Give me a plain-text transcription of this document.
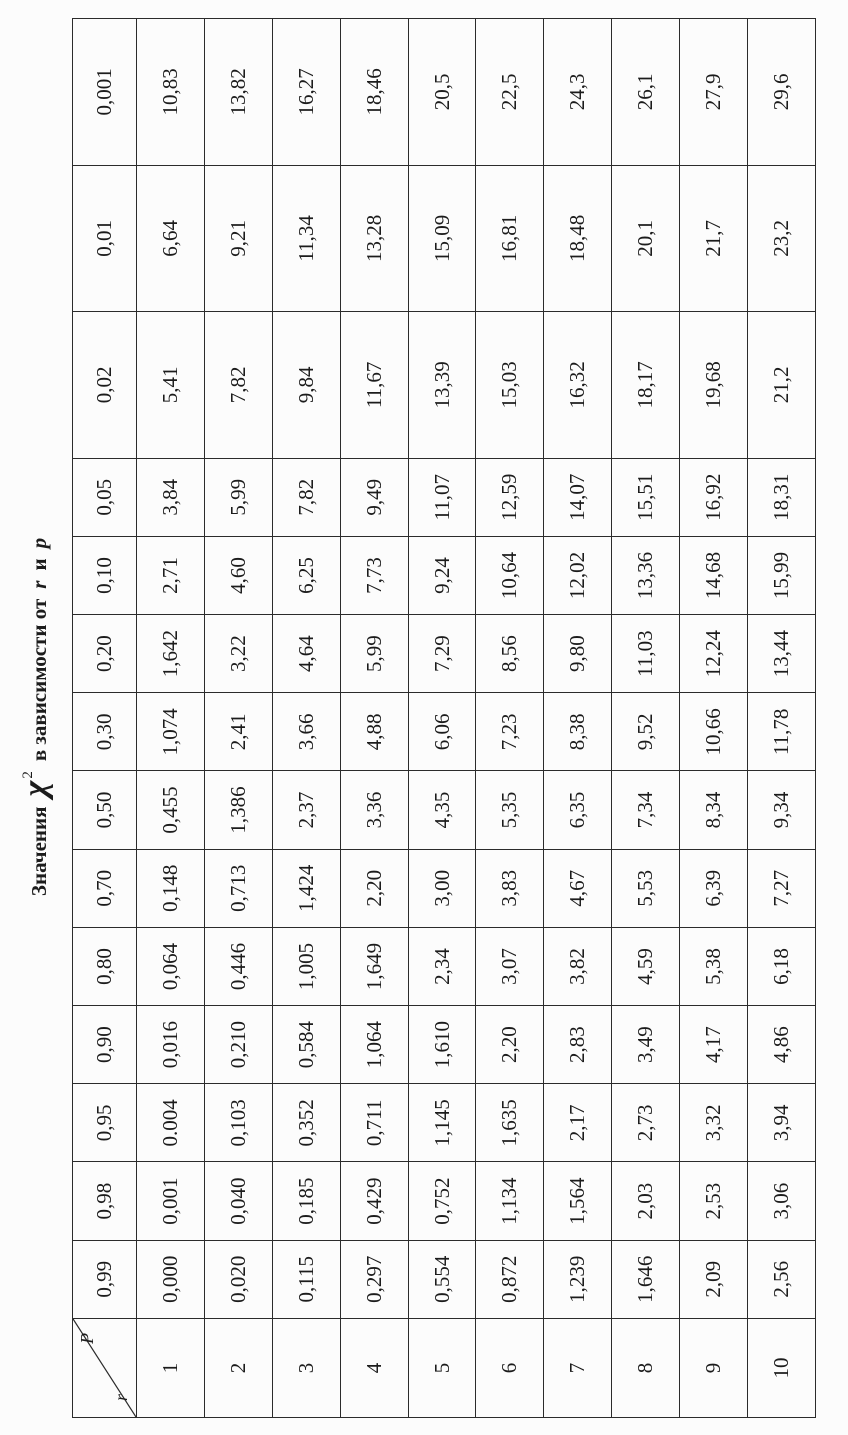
Значения
χ
2
в зависимости от
r
и
p
P
r	0,99	0,98	0,95	0,90	0,80	0,70	0,50	0,30	0,20	0,10	0,05	0,02	0,01	0,001
1	0,000	0,001	0.004	0,016	0,064	0,148	0,455	1,074	1,642	2,71	3,84	5,41	6,64	10,83
2	0,020	0,040	0,103	0,210	0,446	0,713	1,386	2,41	3,22	4,60	5,99	7,82	9,21	13,82
3	0,115	0,185	0,352	0,584	1,005	1,424	2,37	3,66	4,64	6,25	7,82	9,84	11,34	16,27
4	0,297	0,429	0,711	1,064	1,649	2,20	3,36	4,88	5,99	7,73	9,49	11,67	13,28	18,46
5	0,554	0,752	1,145	1,610	2,34	3,00	4,35	6,06	7,29	9,24	11,07	13,39	15,09	20,5
6	0,872	1,134	1,635	2,20	3,07	3,83	5,35	7,23	8,56	10,64	12,59	15,03	16,81	22,5
7	1,239	1,564	2,17	2,83	3,82	4,67	6,35	8,38	9,80	12,02	14,07	16,32	18,48	24,3
8	1,646	2,03	2,73	3,49	4,59	5,53	7,34	9,52	11,03	13,36	15,51	18,17	20,1	26,1
9	2,09	2,53	3,32	4,17	5,38	6,39	8,34	10,66	12,24	14,68	16,92	19,68	21,7	27,9
10	2,56	3,06	3,94	4,86	6,18	7,27	9,34	11,78	13,44	15,99	18,31	21,2	23,2	29,6
